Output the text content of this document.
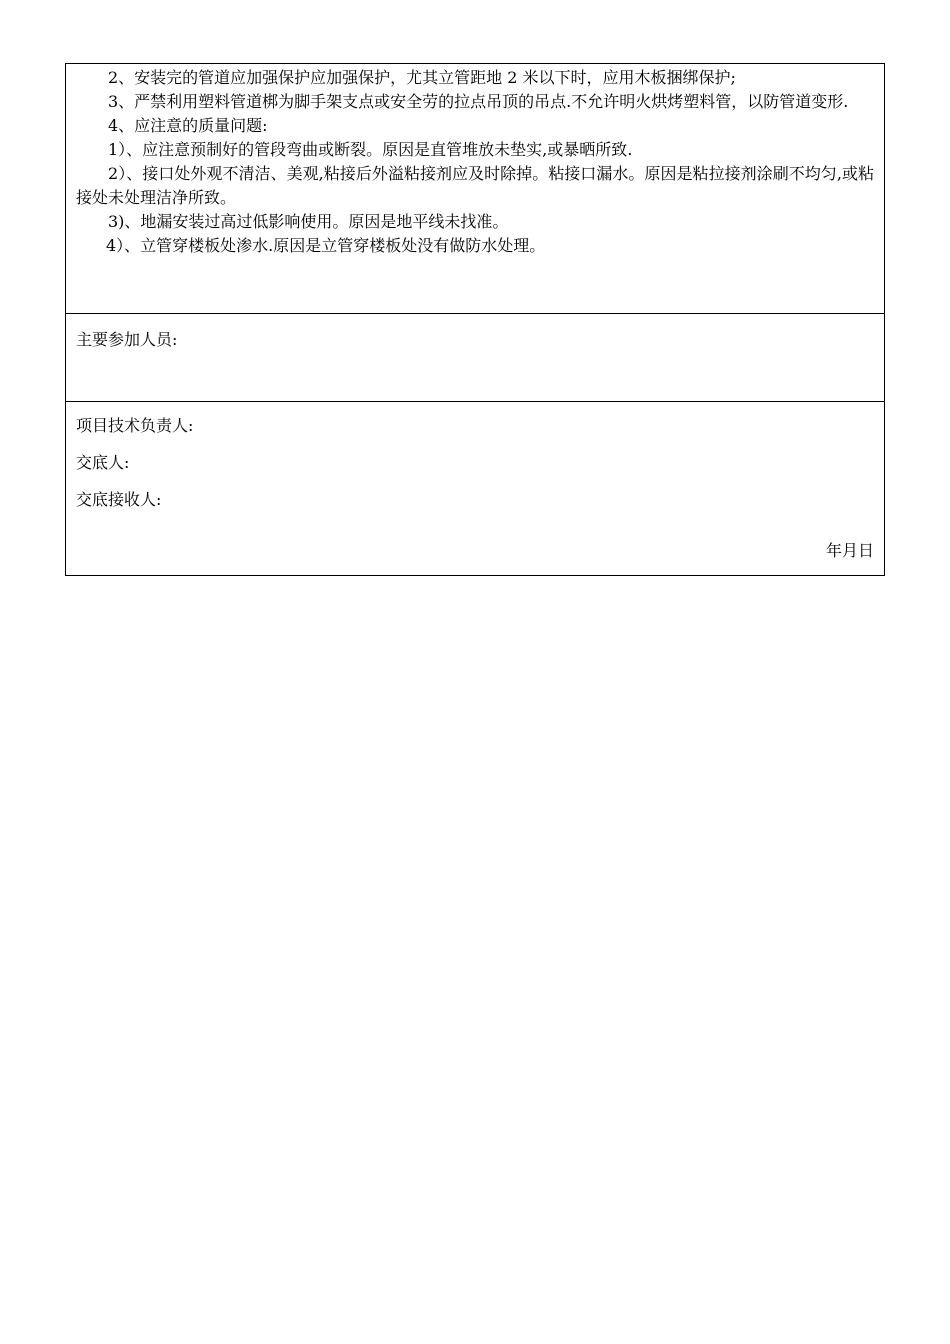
2、安装完的管道应加强保护应加强保护，尤其立管距地 2 米以下时，应用木板捆绑保护;

3、严禁利用塑料管道梆为脚手架支点或安全劳的拉点吊顶的吊点.不允许明火烘烤塑料管，以防管道变形.

4、应注意的质量问题:

1）、应注意预制好的管段弯曲或断裂。原因是直管堆放未垫实,或暴晒所致.

2）、接口处外观不清洁、美观,粘接后外溢粘接剂应及时除掉。粘接口漏水。原因是粘拉接剂涂刷不均匀,或粘接处未处理洁净所致。

3)、地漏安装过高过低影响使用。原因是地平线未找准。

4）、立管穿楼板处渗水.原因是立管穿楼板处没有做防水处理。

主要参加人员:

项目技术负责人:

交底人:

交底接收人:

年月日
